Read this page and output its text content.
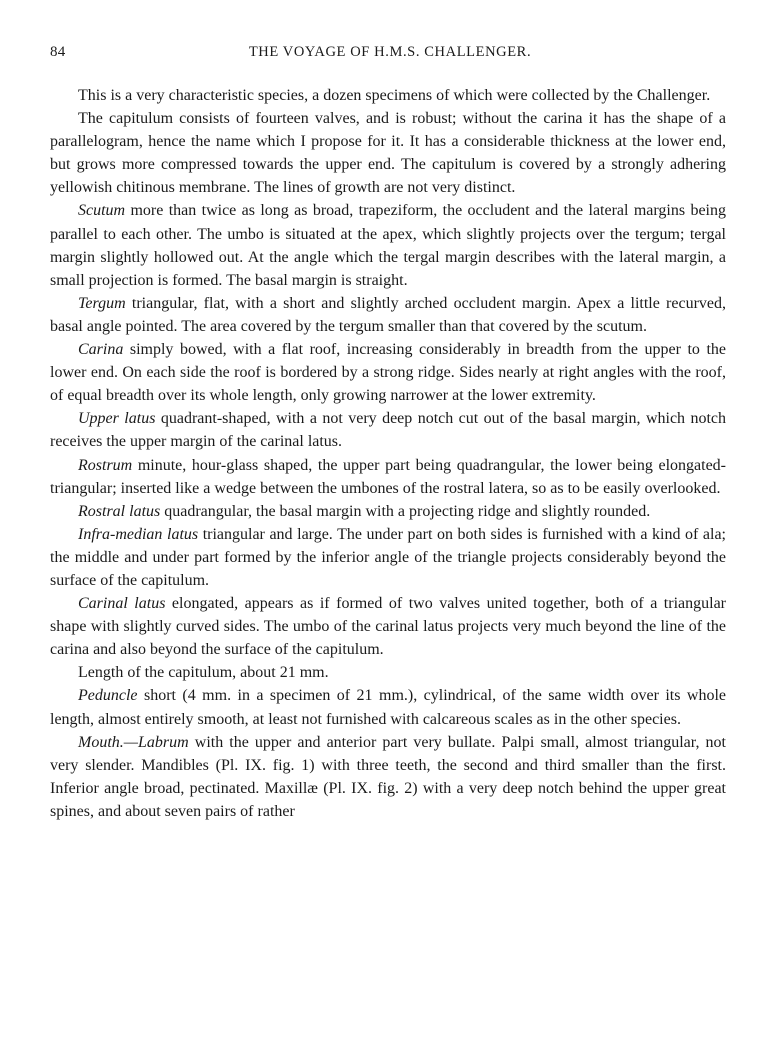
84	THE VOYAGE OF H.M.S. CHALLENGER.

This is a very characteristic species, a dozen specimens of which were collected by the Challenger.

The capitulum consists of fourteen valves, and is robust; without the carina it has the shape of a parallelogram, hence the name which I propose for it. It has a considerable thickness at the lower end, but grows more compressed towards the upper end. The capitulum is covered by a strongly adhering yellowish chitinous membrane. The lines of growth are not very distinct.

Scutum more than twice as long as broad, trapeziform, the occludent and the lateral margins being parallel to each other. The umbo is situated at the apex, which slightly projects over the tergum; tergal margin slightly hollowed out. At the angle which the tergal margin describes with the lateral margin, a small projection is formed. The basal margin is straight.

Tergum triangular, flat, with a short and slightly arched occludent margin. Apex a little recurved, basal angle pointed. The area covered by the tergum smaller than that covered by the scutum.

Carina simply bowed, with a flat roof, increasing considerably in breadth from the upper to the lower end. On each side the roof is bordered by a strong ridge. Sides nearly at right angles with the roof, of equal breadth over its whole length, only growing narrower at the lower extremity.

Upper latus quadrant-shaped, with a not very deep notch cut out of the basal margin, which notch receives the upper margin of the carinal latus.

Rostrum minute, hour-glass shaped, the upper part being quadrangular, the lower being elongated-triangular; inserted like a wedge between the umbones of the rostral latera, so as to be easily overlooked.

Rostral latus quadrangular, the basal margin with a projecting ridge and slightly rounded.

Infra-median latus triangular and large. The under part on both sides is furnished with a kind of ala; the middle and under part formed by the inferior angle of the triangle projects considerably beyond the surface of the capitulum.

Carinal latus elongated, appears as if formed of two valves united together, both of a triangular shape with slightly curved sides. The umbo of the carinal latus projects very much beyond the line of the carina and also beyond the surface of the capitulum.

Length of the capitulum, about 21 mm.

Peduncle short (4 mm. in a specimen of 21 mm.), cylindrical, of the same width over its whole length, almost entirely smooth, at least not furnished with calcareous scales as in the other species.

Mouth.—Labrum with the upper and anterior part very bullate. Palpi small, almost triangular, not very slender. Mandibles (Pl. IX. fig. 1) with three teeth, the second and third smaller than the first. Inferior angle broad, pectinated. Maxillæ (Pl. IX. fig. 2) with a very deep notch behind the upper great spines, and about seven pairs of rather
